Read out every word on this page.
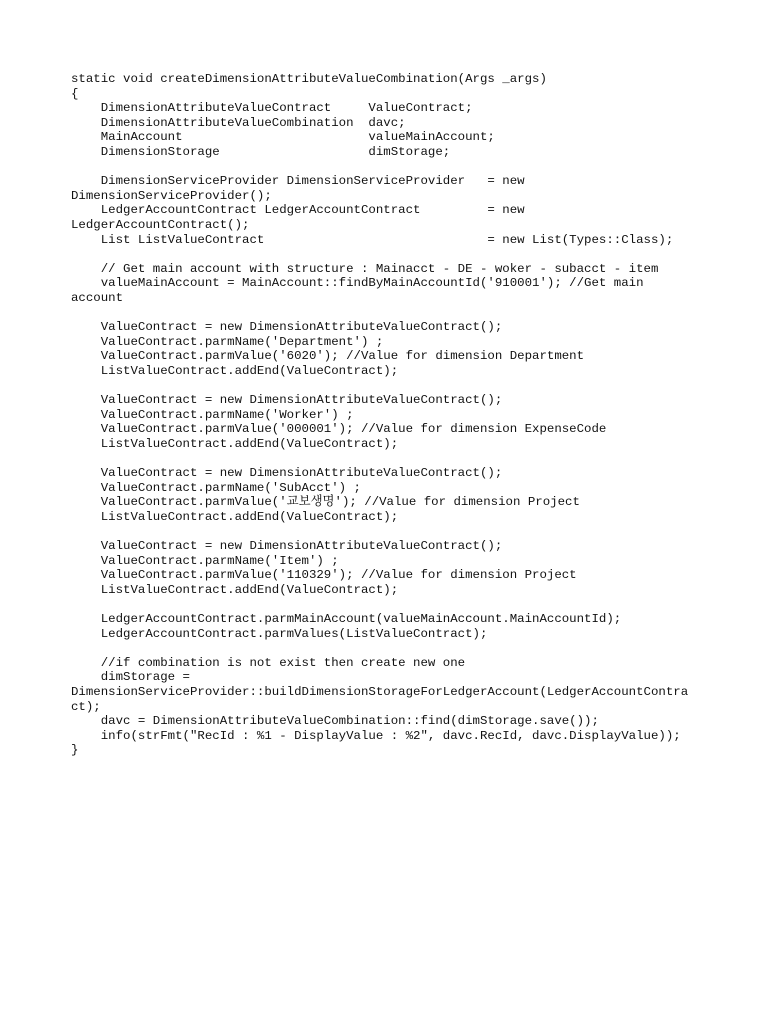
static void createDimensionAttributeValueCombination(Args _args)
{
DimensionAttributeValueContract     ValueContract;
DimensionAttributeValueCombination  davc;
MainAccount                         valueMainAccount;
DimensionStorage                    dimStorage;
DimensionServiceProvider DimensionServiceProvider   = new
DimensionServiceProvider();
LedgerAccountContract LedgerAccountContract         = new
LedgerAccountContract();
List ListValueContract                              = new List(Types::Class);
// Get main account with structure : Mainacct - DE - woker - subacct - item
valueMainAccount = MainAccount::findByMainAccountId('910001'); //Get main
account
ValueContract = new DimensionAttributeValueContract();
ValueContract.parmName('Department') ;
ValueContract.parmValue('6020'); //Value for dimension Department
ListValueContract.addEnd(ValueContract);
ValueContract = new DimensionAttributeValueContract();
ValueContract.parmName('Worker') ;
ValueContract.parmValue('000001'); //Value for dimension ExpenseCode
ListValueContract.addEnd(ValueContract);
ValueContract = new DimensionAttributeValueContract();
ValueContract.parmName('SubAcct') ;
ValueContract.parmValue('교보생명'); //Value for dimension Project
ListValueContract.addEnd(ValueContract);
ValueContract = new DimensionAttributeValueContract();
ValueContract.parmName('Item') ;
ValueContract.parmValue('110329'); //Value for dimension Project
ListValueContract.addEnd(ValueContract);
LedgerAccountContract.parmMainAccount(valueMainAccount.MainAccountId);
LedgerAccountContract.parmValues(ListValueContract);
//if combination is not exist then create new one
dimStorage =
DimensionServiceProvider::buildDimensionStorageForLedgerAccount(LedgerAccountContra
ct);
davc = DimensionAttributeValueCombination::find(dimStorage.save());
info(strFmt("RecId : %1 - DisplayValue : %2", davc.RecId, davc.DisplayValue));
}
